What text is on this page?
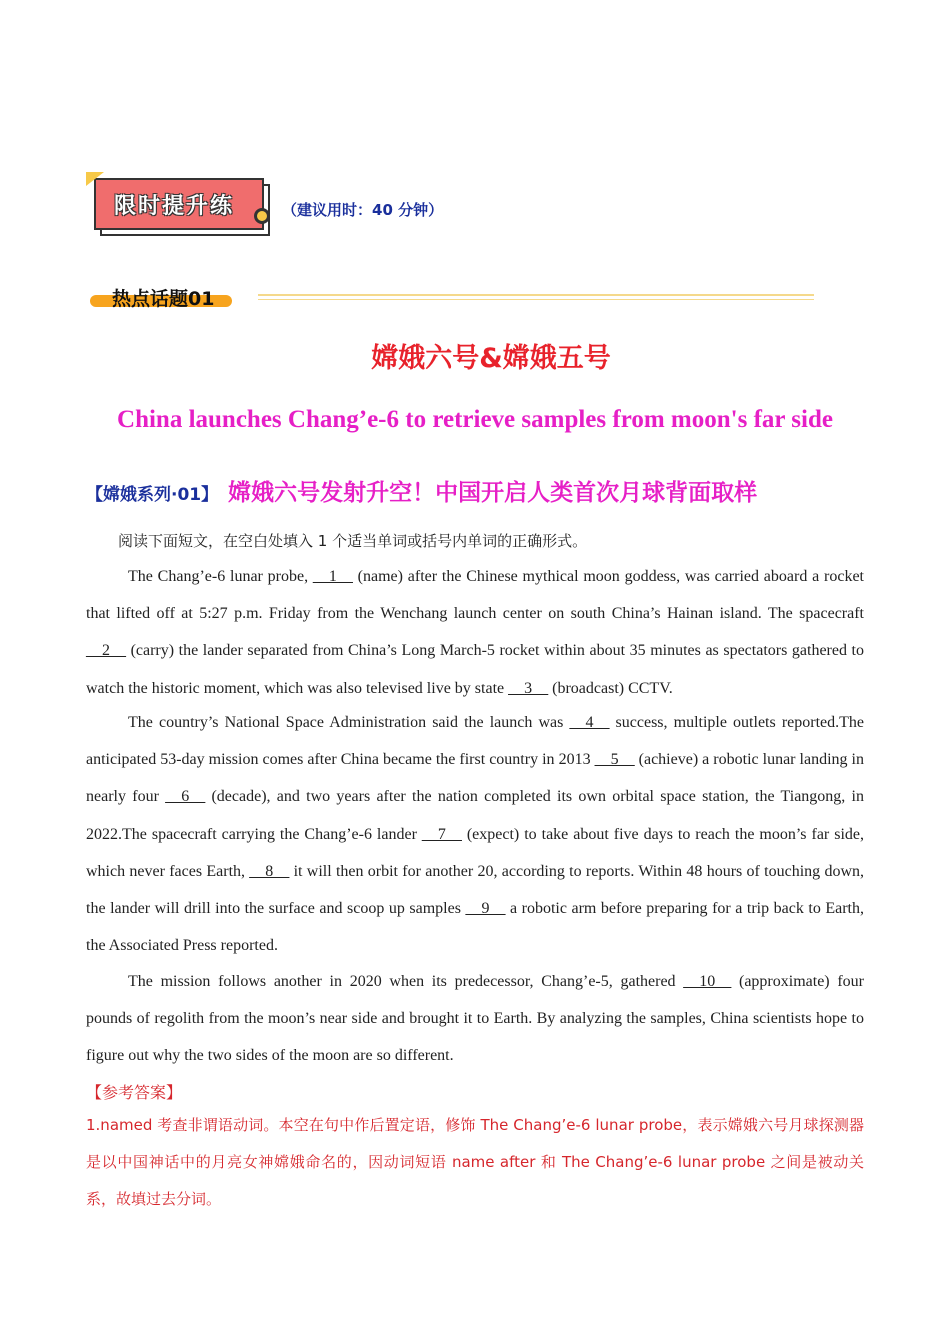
限时提升练	（建议用时：40 分钟）
热点话题01
嫦娥六号&嫦娥五号
China launches Chang’e-6 to retrieve samples from moon's far side
【嫦娥系列·01】 嫦娥六号发射升空！中国开启人类首次月球背面取样
阅读下面短文，在空白处填入 1 个适当单词或括号内单词的正确形式。

The Chang’e-6 lunar probe, __1__ (name) after the Chinese mythical moon goddess, was carried aboard a rocket that lifted off at 5:27 p.m. Friday from the Wenchang launch center on south China’s Hainan island. The spacecraft __2__ (carry) the lander separated from China’s Long March-5 rocket within about 35 minutes as spectators gathered to watch the historic moment, which was also televised live by state __3__ (broadcast) CCTV.

The country’s National Space Administration said the launch was __4__ success, multiple outlets reported.The anticipated 53-day mission comes after China became the first country in 2013 __5__ (achieve) a robotic lunar landing in nearly four __6__ (decade), and two years after the nation completed its own orbital space station, the Tiangong, in 2022.The spacecraft carrying the Chang’e-6 lander __7__ (expect) to take about five days to reach the moon’s far side, which never faces Earth, __8__ it will then orbit for another 20, according to reports. Within 48 hours of touching down, the lander will drill into the surface and scoop up samples __9__ a robotic arm before preparing for a trip back to Earth, the Associated Press reported.

The mission follows another in 2020 when its predecessor, Chang’e-5, gathered __10__ (approximate) four pounds of regolith from the moon’s near side and brought it to Earth. By analyzing the samples, China scientists hope to figure out why the two sides of the moon are so different.

【参考答案】

1.named 考查非谓语动词。本空在句中作后置定语，修饰 The Chang’e-6 lunar probe，表示嫦娥六号月球探测器是以中国神话中的月亮女神嫦娥命名的，因动词短语 name after 和 The Chang’e-6 lunar probe 之间是被动关系，故填过去分词。
